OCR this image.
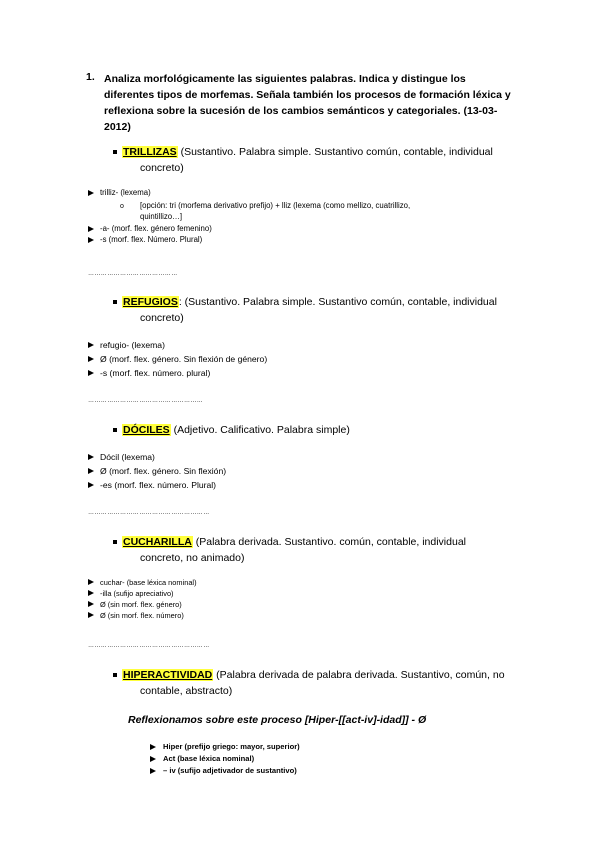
1. Analiza morfológicamente las siguientes palabras. Indica y distingue los diferentes tipos de morfemas. Señala también los procesos de formación léxica y reflexiona sobre la sucesión de los cambios semánticos y categoriales. (13-03-2012)
TRILLIZAS (Sustantivo. Palabra simple. Sustantivo común, contable, individual
concreto)
trilliz- (lexema)
o [opción: tri (morfema derivativo prefijo) + lliz (lexema (como mellizo, cuatrillizo,
quintillizo…]
-a- (morf. flex. género femenino)
-s (morf. flex. Número. Plural)
……………………………………
REFUGIOS: (Sustantivo. Palabra simple. Sustantivo común, contable, individual
concreto)
refugio- (lexema)
Ø (morf. flex. género. Sin flexión de género)
-s (morf. flex. número. plural)
………………………………………………
DÓCILES (Adjetivo. Calificativo. Palabra simple)
Dócil (lexema)
Ø (morf. flex. género. Sin flexión)
-es (morf. flex. número. Plural)
…………………………………………………
CUCHARILLA (Palabra derivada. Sustantivo. común, contable, individual
concreto, no animado)
cuchar- (base léxica nominal)
-illa (sufijo apreciativo)
Ø (sin morf. flex. género)
Ø (sin morf. flex. número)
…………………………………………………
HIPERACTIVIDAD (Palabra derivada de palabra derivada. Sustantivo, común, no
contable, abstracto)
Reflexionamos sobre este proceso [Hiper-[[act-iv]-idad]] - Ø
Hiper (prefijo griego: mayor, superior)
Act (base léxica nominal)
– iv (sufijo adjetivador de sustantivo)
